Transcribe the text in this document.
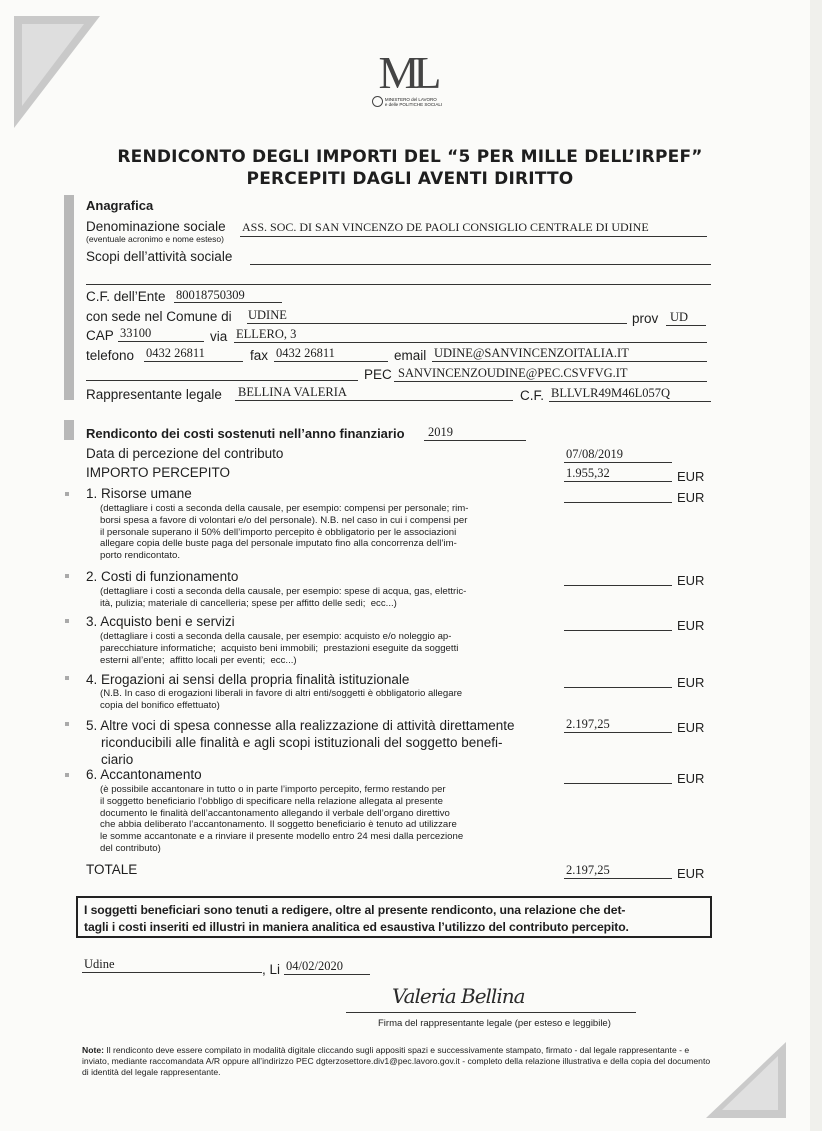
ML
MINISTERO del LAVORO
e delle POLITICHE SOCIALI
RENDICONTO DEGLI IMPORTI DEL “5 PER MILLE DELL’IRPEF”
PERCEPITI DAGLI AVENTI DIRITTO
Anagrafica
Denominazione sociale
(eventuale acronimo e nome esteso)
ASS. SOC. DI SAN VINCENZO DE PAOLI CONSIGLIO CENTRALE DI UDINE
Scopi dell’attività sociale
C.F. dell’Ente 80018750309
con sede nel Comune di UDINE	prov UD
CAP 33100	via ELLERO, 3
telefono 0432 26811	fax 0432 26811	email UDINE@SANVINCENZOITALIA.IT
PEC SANVINCENZOUDINE@PEC.CSVFVG.IT
Rappresentante legale BELLINA VALERIA	C.F. BLLVLR49M46L057Q
Rendiconto dei costi sostenuti nell’anno finanziario 2019
Data di percezione del contributo	07/08/2019
IMPORTO PERCEPITO	1.955,32	EUR
1. Risorse umane
(dettagliare i costi a seconda della causale, per esempio: compensi per personale; rim-
borsi spesa a favore di volontari e/o del personale). N.B. nel caso in cui i compensi per
il personale superano il 50% dell’importo percepito è obbligatorio per le associazioni
allegare copia delle buste paga del personale imputato fino alla concorrenza dell’im-
porto rendicontato.
EUR
2. Costi di funzionamento
(dettagliare i costi a seconda della causale, per esempio: spese di acqua, gas, elettric-
ità, pulizia; materiale di cancelleria; spese per affitto delle sedi;  ecc...)
EUR
3. Acquisto beni e servizi
(dettagliare i costi a seconda della causale, per esempio: acquisto e/o noleggio ap-
parecchiature informatiche;  acquisto beni immobili;  prestazioni eseguite da soggetti
esterni all’ente;  affitto locali per eventi;  ecc...)
EUR
4. Erogazioni ai sensi della propria finalità istituzionale
(N.B. In caso di erogazioni liberali in favore di altri enti/soggetti è obbligatorio allegare
copia del bonifico effettuato)
EUR
5. Altre voci di spesa connesse alla realizzazione di attività direttamente
riconducibili alle finalità e agli scopi istituzionali del soggetto benefi-
ciario
2.197,25	EUR
6. Accantonamento
(è possibile accantonare in tutto o in parte l’importo percepito, fermo restando per
il soggetto beneficiario l’obbligo di specificare nella relazione allegata al presente
documento le finalità dell’accantonamento allegando il verbale dell’organo direttivo
che abbia deliberato l’accantonamento. Il soggetto beneficiario è tenuto ad utilizzare
le somme accantonate e a rinviare il presente modello entro 24 mesi dalla percezione
del contributo)
EUR
TOTALE	2.197,25	EUR
I soggetti beneficiari sono tenuti a redigere, oltre al presente rendiconto, una relazione che det-
tagli i costi inseriti ed illustri in maniera analitica ed esaustiva l’utilizzo del contributo percepito.
Udine	, Li 04/02/2020
Valeria Bellina
Firma del rappresentante legale (per esteso e leggibile)
Note: Il rendiconto deve essere compilato in modalità digitale cliccando sugli appositi spazi e successivamente stampato, firmato - dal legale rappresentante - e inviato, mediante raccomandata A/R oppure all’indirizzo PEC dgterzosettore.div1@pec.lavoro.gov.it - completo della relazione illustrativa e della copia del documento di identità del legale rappresentante.
